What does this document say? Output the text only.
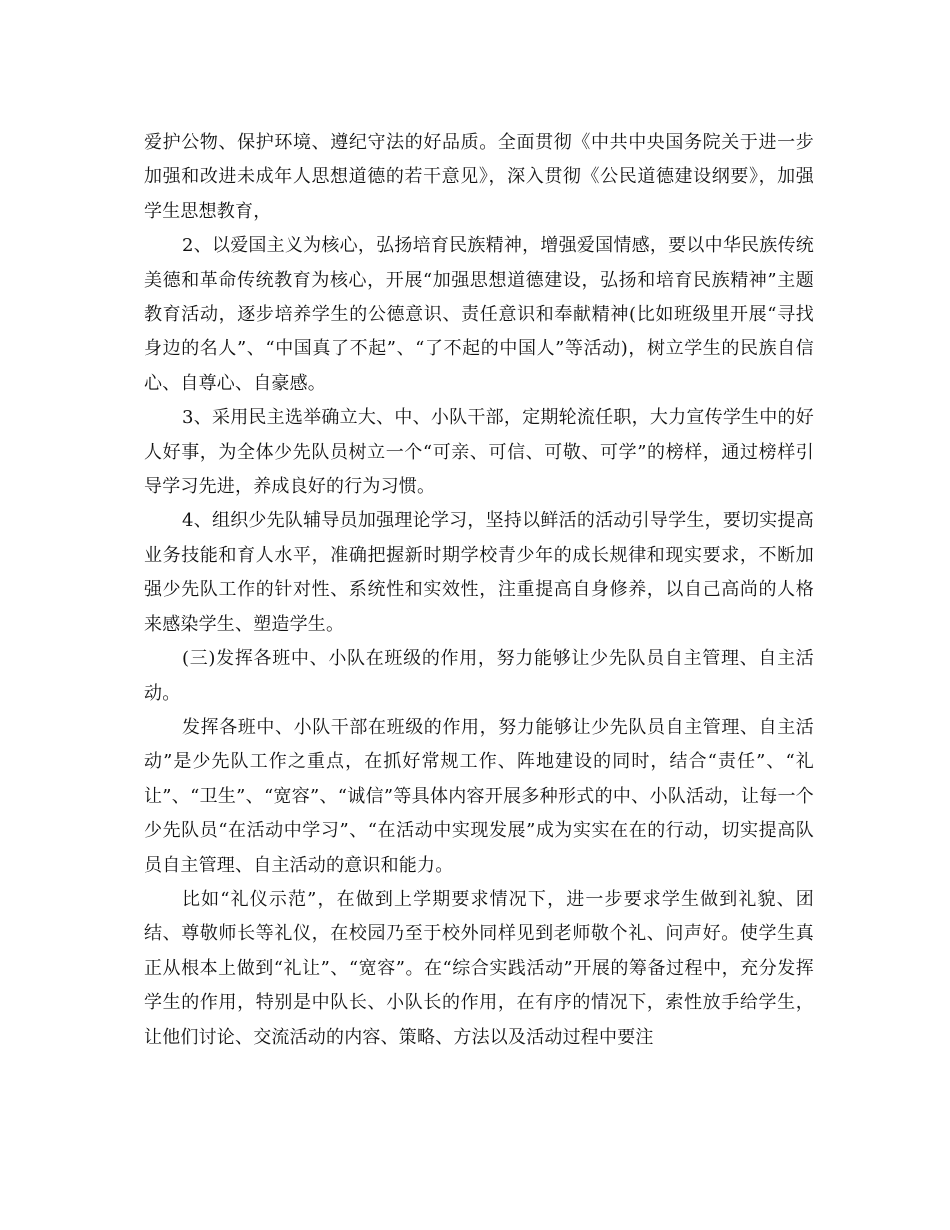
爱护公物、保护环境、遵纪守法的好品质。全面贯彻《中共中央国务院关于进一步加强和改进未成年人思想道德的若干意见》，深入贯彻《公民道德建设纲要》，加强学生思想教育，

2、以爱国主义为核心，弘扬培育民族精神，增强爱国情感，要以中华民族传统美德和革命传统教育为核心，开展“加强思想道德建设，弘扬和培育民族精神”主题教育活动，逐步培养学生的公德意识、责任意识和奉献精神(比如班级里开展“寻找身边的名人”、“中国真了不起”、“了不起的中国人”等活动)，树立学生的民族自信心、自尊心、自豪感。

3、采用民主选举确立大、中、小队干部，定期轮流任职，大力宣传学生中的好人好事，为全体少先队员树立一个“可亲、可信、可敬、可学”的榜样，通过榜样引导学习先进，养成良好的行为习惯。

4、组织少先队辅导员加强理论学习，坚持以鲜活的活动引导学生，要切实提高业务技能和育人水平，准确把握新时期学校青少年的成长规律和现实要求，不断加强少先队工作的针对性、系统性和实效性，注重提高自身修养，以自己高尚的人格来感染学生、塑造学生。

(三)发挥各班中、小队在班级的作用，努力能够让少先队员自主管理、自主活动。

发挥各班中、小队干部在班级的作用，努力能够让少先队员自主管理、自主活动”是少先队工作之重点，在抓好常规工作、阵地建设的同时，结合“责任”、“礼让”、“卫生”、“宽容”、“诚信”等具体内容开展多种形式的中、小队活动，让每一个少先队员“在活动中学习”、“在活动中实现发展”成为实实在在的行动，切实提高队员自主管理、自主活动的意识和能力。

比如“礼仪示范”，在做到上学期要求情况下，进一步要求学生做到礼貌、团结、尊敬师长等礼仪，在校园乃至于校外同样见到老师敬个礼、问声好。使学生真正从根本上做到“礼让”、“宽容”。在“综合实践活动”开展的筹备过程中，充分发挥学生的作用，特别是中队长、小队长的作用，在有序的情况下，索性放手给学生，让他们讨论、交流活动的内容、策略、方法以及活动过程中要注
